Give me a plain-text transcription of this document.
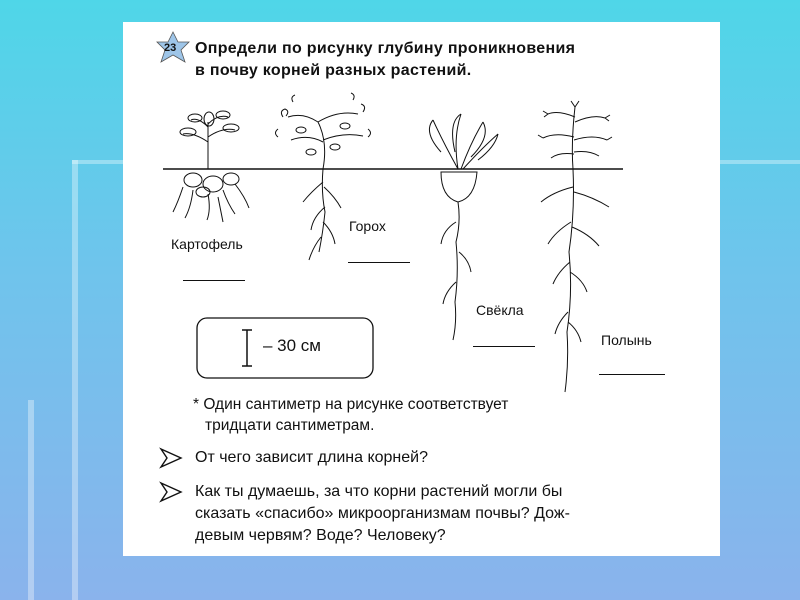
23 Определи по рисунку глубину проникновения
в почву корней разных растений.
Картофель
Горох
Свёкла
Полынь
– 30 см
* Один сантиметр на рисунке соответствует
тридцати сантиметрам.
От чего зависит длина корней?
Как ты думаешь, за что корни растений могли бы
сказать «спасибо» микроорганизмам почвы? Дож-
девым червям? Воде? Человеку?
